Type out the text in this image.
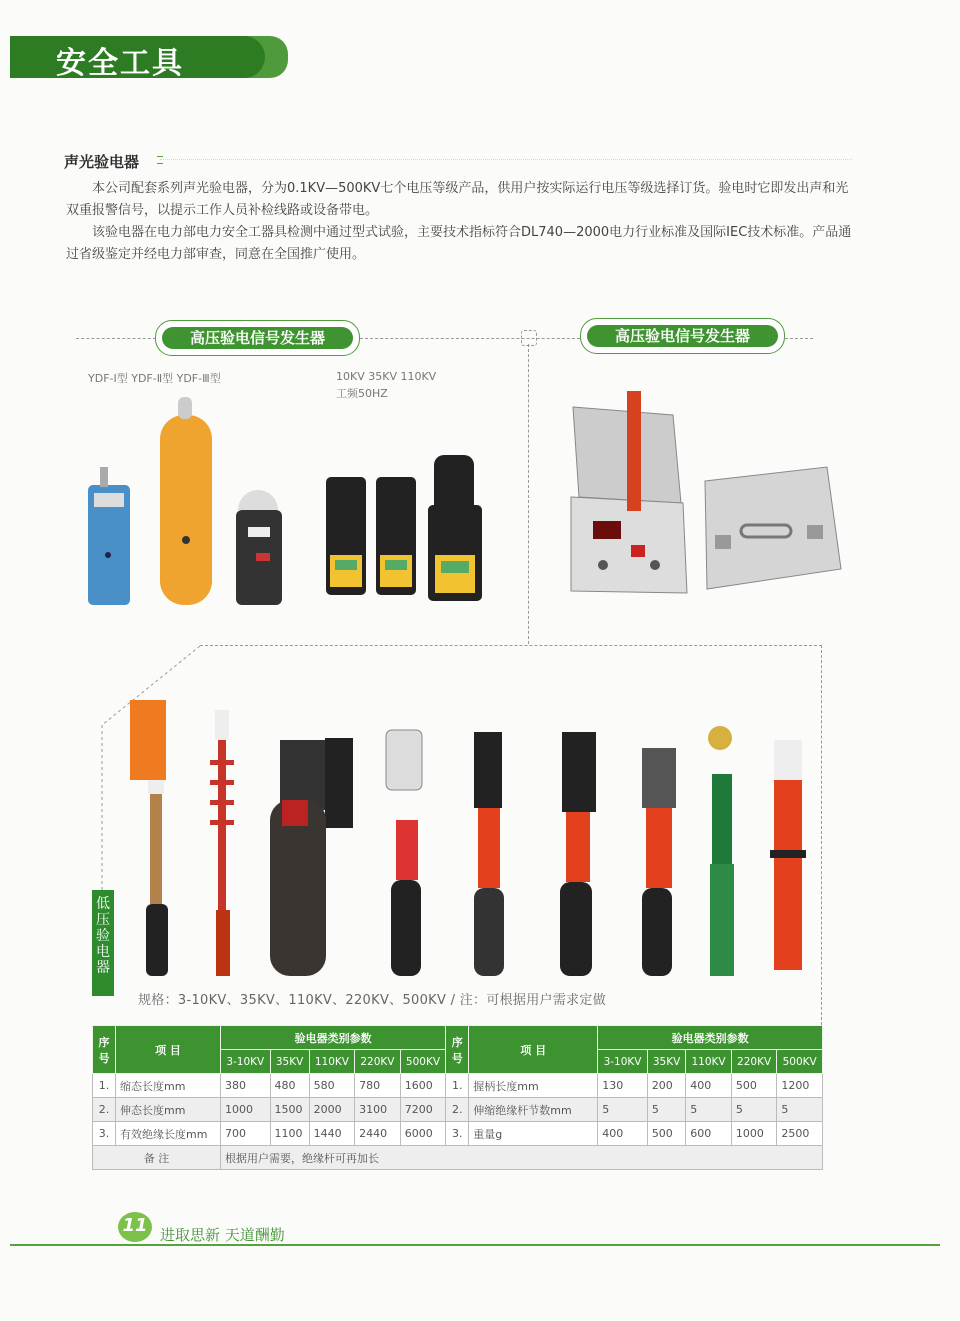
安全工具
声光验电器
本公司配套系列声光验电器，分为0.1KV—500KV七个电压等级产品，供用户按实际运行电压等级选择订货。验电时它即发出声和光双重报警信号，以提示工作人员补检线路或设备带电。
该验电器在电力部电力安全工器具检测中通过型式试验，主要技术指标符合DL740—2000电力行业标准及国际IEC技术标准。产品通过省级鉴定并经电力部审查，同意在全国推广使用。
高压验电信号发生器	高压验电信号发生器
YDF-Ⅰ型 YDF-Ⅱ型 YDF-Ⅲ型	10KV 35KV 110KV
工频50HZ
低压验电器
规格：3-10KV、35KV、110KV、220KV、500KV / 注：可根据用户需求定做
序号	项 目	验电器类别参数					序号	项 目	验电器类别参数				
		3-10KV	35KV	110KV	220KV	500KV			3-10KV	35KV	110KV	220KV	500KV
1.	缩态长度mm	380	480	580	780	1600	1.	握柄长度mm	130	200	400	500	1200
2.	伸态长度mm	1000	1500	2000	3100	7200	2.	伸缩绝缘杆节数mm	5	5	5	5	5
3.	有效绝缘长度mm	700	1100	1440	2440	6000	3.	重量g	400	500	600	1000	2500
备 注		根据用户需要，绝缘杆可再加长											
11 进取思新 天道酬勤
